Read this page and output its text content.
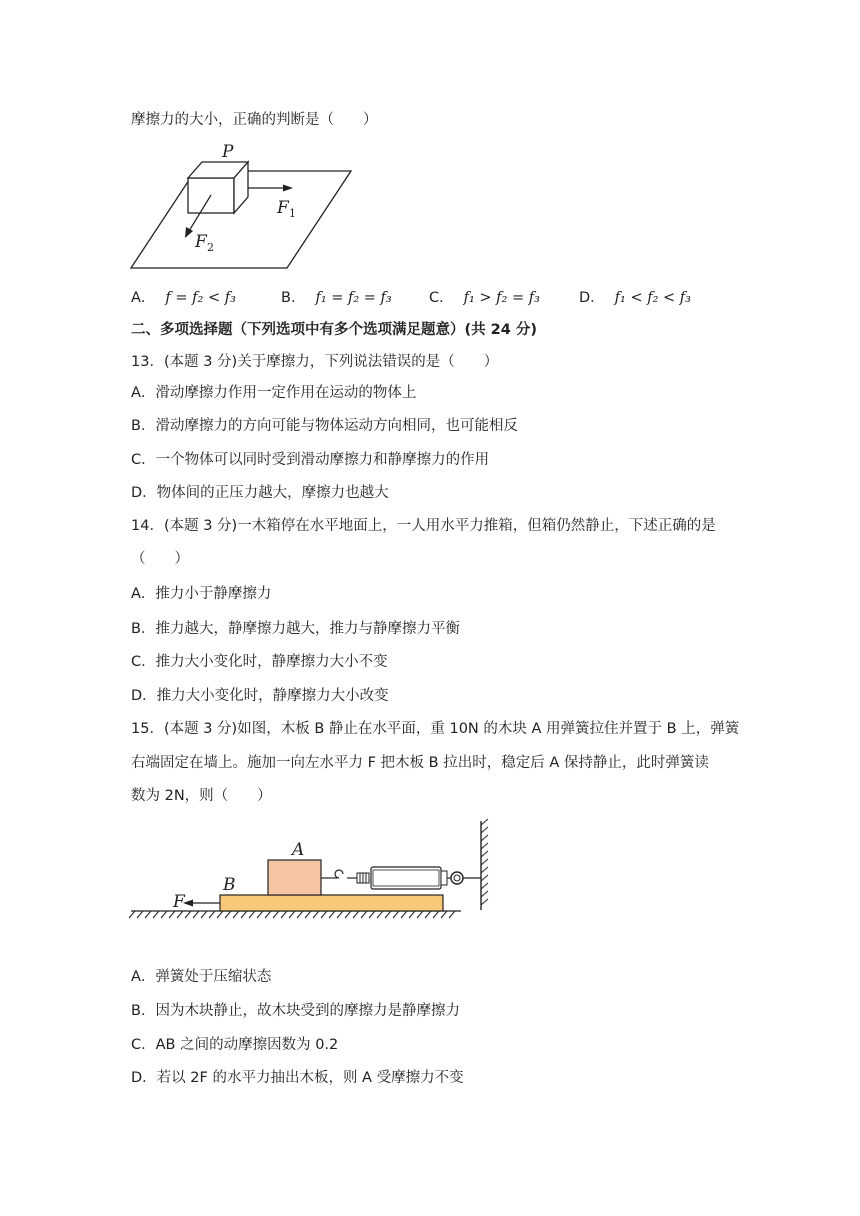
摩擦力的大小，正确的判断是（　　）
P
F 1
F 2
A． f = f₂ < f₃	B． f₁ = f₂ = f₃	C． f₁ > f₂ = f₃	D． f₁ < f₂ < f₃
二、多项选择题（下列选项中有多个选项满足题意）(共 24 分)
13．(本题 3 分)关于摩擦力，下列说法错误的是（　　）
A．滑动摩擦力作用一定作用在运动的物体上
B．滑动摩擦力的方向可能与物体运动方向相同，也可能相反
C．一个物体可以同时受到滑动摩擦力和静摩擦力的作用
D．物体间的正压力越大，摩擦力也越大
14．(本题 3 分)一木箱停在水平地面上，一人用水平力推箱，但箱仍然静止，下述正确的是
（　　）
A．推力小于静摩擦力
B．推力越大，静摩擦力越大，推力与静摩擦力平衡
C．推力大小变化时，静摩擦力大小不变
D．推力大小变化时，静摩擦力大小改变
15．(本题 3 分)如图，木板 B 静止在水平面，重 10N 的木块 A 用弹簧拉住并置于 B 上，弹簧
右端固定在墙上。施加一向左水平力 F 把木板 B 拉出时，稳定后 A 保持静止，此时弹簧读
数为 2N，则（　　）
A
B
F
A．弹簧处于压缩状态
B．因为木块静止，故木块受到的摩擦力是静摩擦力
C．AB 之间的动摩擦因数为 0.2
D．若以 2F 的水平力抽出木板，则 A 受摩擦力不变
